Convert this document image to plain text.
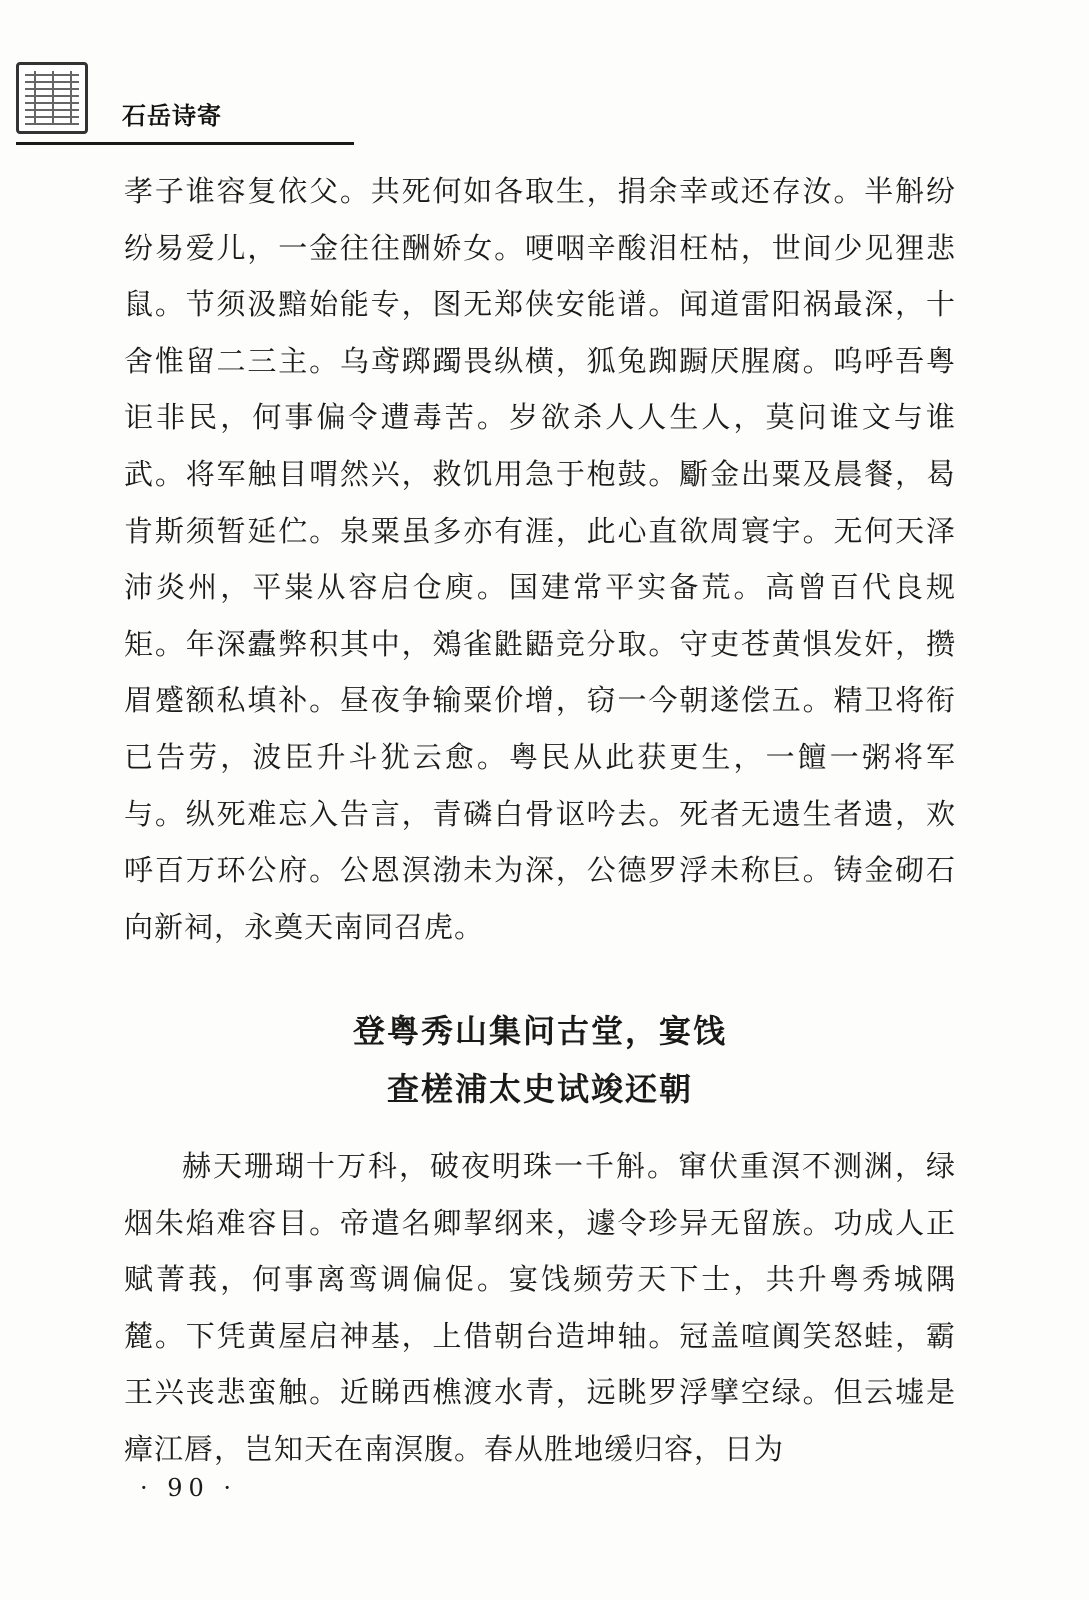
石岳诗寄
孝子谁容复依父。共死何如各取生，捐余幸或还存汝。半斛纷纷易爱儿，一金往往酬娇女。哽咽辛酸泪枉枯，世间少见狸悲鼠。节须汲黯始能专，图无郑侠安能谱。闻道雷阳祸最深，十舍惟留二三主。乌鸢踯躅畏纵横，狐兔踟蹰厌腥腐。呜呼吾粤讵非民，何事偏令遭毒苦。岁欲杀人人生人，莫问谁文与谁武。将军触目喟然兴，救饥用急于枹鼓。斸金出粟及晨餐，曷肯斯须暂延伫。泉粟虽多亦有涯，此心直欲周寰宇。无何天泽沛炎州，平粜从容启仓庾。国建常平实备荒。高曾百代良规矩。年深蠹弊积其中，鵁雀鼪鼯竞分取。守吏苍黄惧发奸，攒眉蹙额私填补。昼夜争输粟价增，窃一今朝遂偿五。精卫将衔已告劳，波臣升斗犹云愈。粤民从此获更生，一饘一粥将军与。纵死难忘入告言，青磷白骨讴吟去。死者无遗生者遗，欢呼百万环公府。公恩溟渤未为深，公德罗浮未称巨。铸金砌石向新祠，永奠天南同召虎。
登粤秀山集问古堂，宴饯
查槎浦太史试竣还朝
赫天珊瑚十万科，破夜明珠一千斛。窜伏重溟不测渊，绿烟朱焰难容目。帝遣名卿挈纲来，遽令珍异无留族。功成人正赋菁莪，何事离鸾调偏促。宴饯频劳天下士，共升粤秀城隅麓。下凭黄屋启神基，上借朝台造坤轴。冠盖喧阗笑怒蛙，霸王兴丧悲蛮触。近睇西樵渡水青，远眺罗浮擘空绿。但云墟是瘴江唇，岂知天在南溟腹。春从胜地缓归容，日为
· 90 ·
